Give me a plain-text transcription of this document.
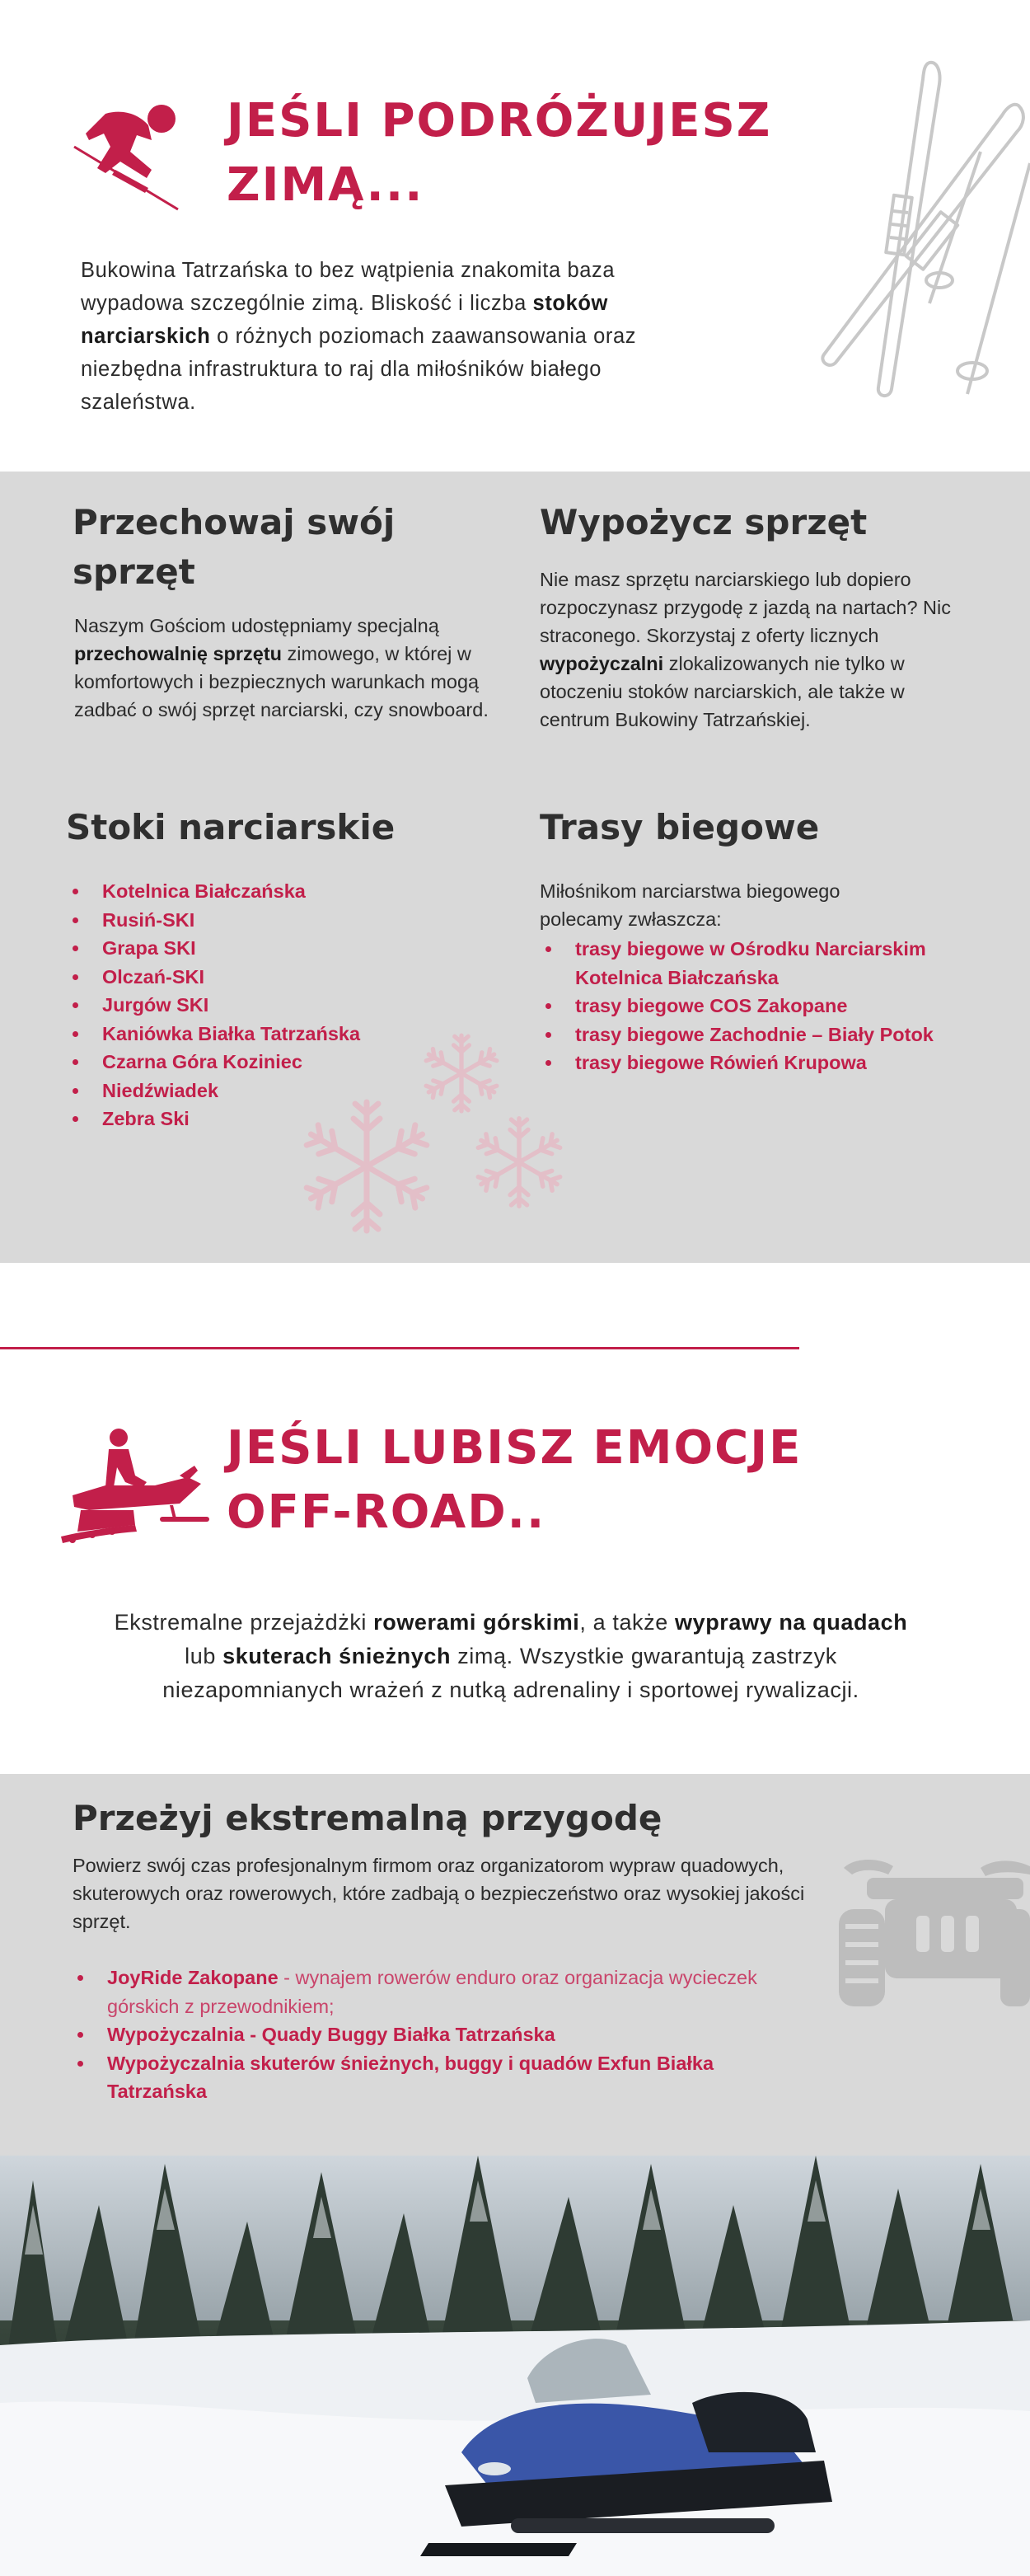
JEŚLI PODRÓŻUJESZ
ZIMĄ...

Bukowina Tatrzańska to bez wątpienia znakomita baza wypadowa szczególnie zimą. Bliskość i liczba stoków narciarskich o różnych poziomach zaawansowania oraz niezbędna infrastruktura to raj dla miłośników białego szaleństwa.

Przechowaj swój sprzęt

Naszym Gościom udostępniamy specjalną przechowalnię sprzętu zimowego, w której w komfortowych i bezpiecznych warunkach mogą zadbać o swój sprzęt narciarski, czy snowboard.

Wypożycz sprzęt

Nie masz sprzętu narciarskiego lub dopiero rozpoczynasz przygodę z jazdą na nartach? Nic straconego. Skorzystaj z oferty licznych wypożyczalni zlokalizowanych nie tylko w otoczeniu stoków narciarskich, ale także w centrum Bukowiny Tatrzańskiej.

Stoki narciarskie
Kotelnica Białczańska
Rusiń-SKI
Grapa SKI
Olczań-SKI
Jurgów SKI
Kaniówka Białka Tatrzańska
Czarna Góra Koziniec
Niedźwiadek
Zebra Ski
Trasy biegowe

Miłośnikom narciarstwa biegowego polecamy zwłaszcza:

trasy biegowe w Ośrodku Narciarskim Kotelnica Białczańska
trasy biegowe COS Zakopane
trasy biegowe Zachodnie – Biały Potok
trasy biegowe Rówień Krupowa
JEŚLI LUBISZ EMOCJE
OFF-ROAD..

Ekstremalne przejażdżki rowerami górskimi, a także wyprawy na quadach lub skuterach śnieżnych zimą. Wszystkie gwarantują zastrzyk niezapomnianych wrażeń z nutką adrenaliny i sportowej rywalizacji.

Przeżyj ekstremalną przygodę

Powierz swój czas profesjonalnym firmom oraz organizatorom wypraw quadowych, skuterowych oraz rowerowych, które zadbają o bezpieczeństwo oraz wysokiej jakości sprzęt.

JoyRide Zakopane - wynajem rowerów enduro oraz organizacja wycieczek górskich z przewodnikiem;
Wypożyczalnia - Quady Buggy Białka Tatrzańska
Wypożyczalnia skuterów śnieżnych, buggy i quadów Exfun Białka Tatrzańska
